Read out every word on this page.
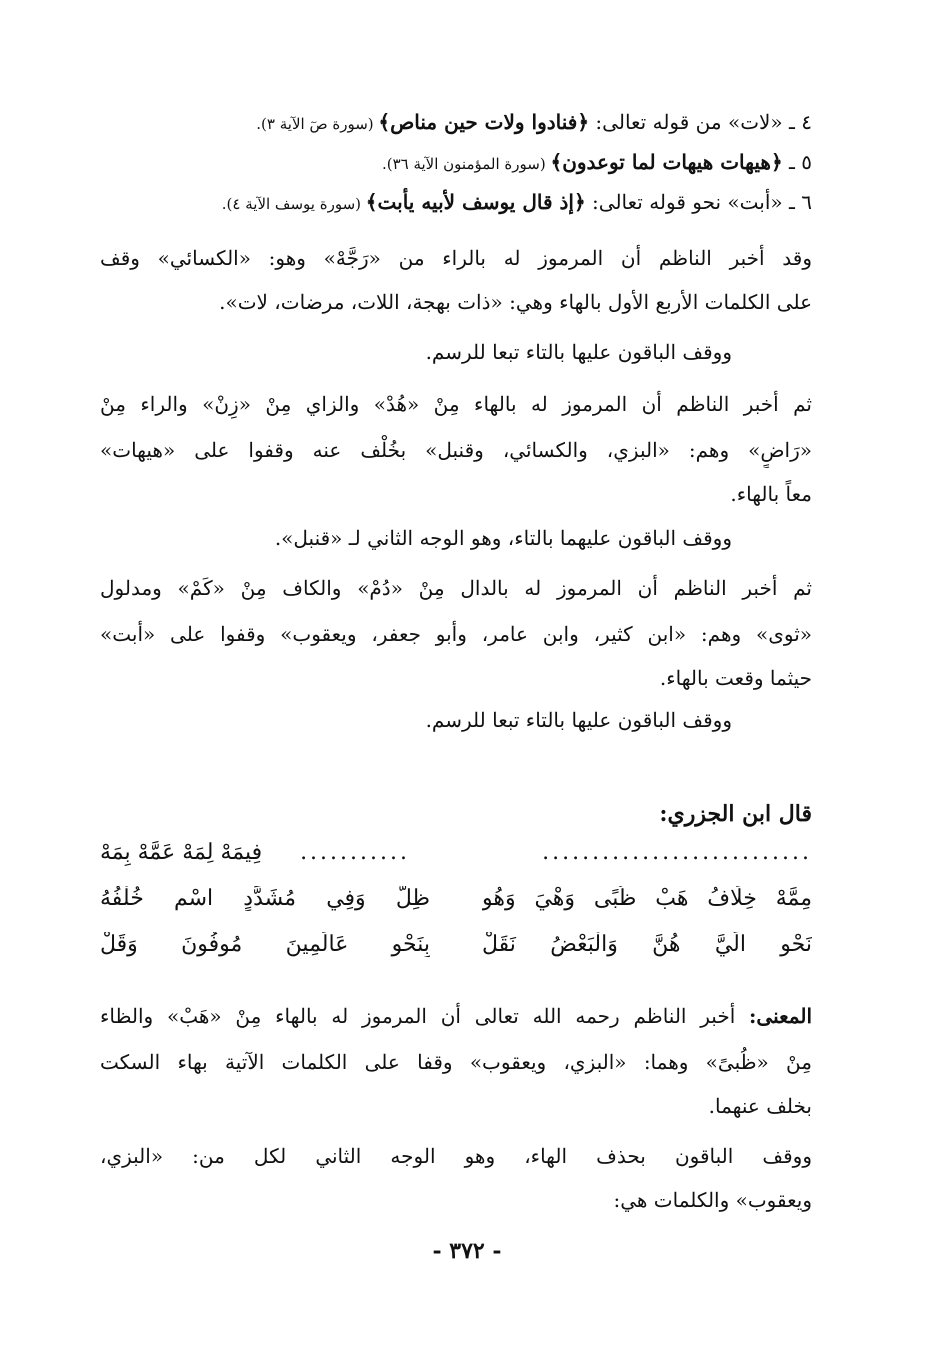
٤ ـ «لات» من قوله تعالى: ﴿فنادوا ولات حين مناص﴾ (سورة صٓ الآية ٣).
٥ ـ ﴿هيهات هيهات لما توعدون﴾ (سورة المؤمنون الآية ٣٦).
٦ ـ «أبت» نحو قوله تعالى: ﴿إذ قال يوسف لأبيه يأبت﴾ (سورة يوسف الآية ٤).
وقد أخبر الناظم أن المرموز له بالراء من «رَجَّهْ» وهو: «الكسائي» وقف
على الكلمات الأربع الأول بالهاء وهي: «ذات بهجة، اللات، مرضات، لات».
ووقف الباقون عليها بالتاء تبعا للرسم.
ثم أخبر الناظم أن المرموز له بالهاء مِنْ «هُدْ» والزاي مِنْ «زِنْ» والراء مِنْ
«رَاضٍ» وهم: «البزي، والكسائي، وقنبل» بخُلْف عنه وقفوا على «هيهات»
معاً بالهاء.
ووقف الباقون عليهما بالتاء، وهو الوجه الثاني لـ «قنبل».
ثم أخبر الناظم أن المرموز له بالدال مِنْ «دُمْ» والكاف مِنْ «كَمْ» ومدلول
«ثوى» وهم: «ابن كثير، وابن عامر، وأبو جعفر، ويعقوب» وقفوا على «أبت»
حيثما وقعت بالهاء.
ووقف الباقون عليها بالتاء تبعا للرسم.
قال ابن الجزري:
...........................
...........
فِيمَهْ لِمَهْ عَمَّهْ بِمَهْ
مِمَّهْ خِلَافُ هَبْ ظُبًى وَهْيَ وَهُو
ظِلٌّ وَفِي مُشَدَّدٍ اسْمٍ خُلْفُهُ
نَحْوِ الَيَّ هُنَّ وَالْبَعْضُ نَقَلْ
بِنَحْوِ عَالَمِينَ مُوفُونَ وَقَلْ
المعنى: أخبر الناظم رحمه الله تعالى أن المرموز له بالهاء مِنْ «هَبْ» والظاء
مِنْ «ظُبىً» وهما: «البزي، ويعقوب» وقفا على الكلمات الآتية بهاء السكت
بخلف عنهما.
ووقف الباقون بحذف الهاء، وهو الوجه الثاني لكل من: «البزي،
ويعقوب» والكلمات هي:
- ٣٧٢ -
